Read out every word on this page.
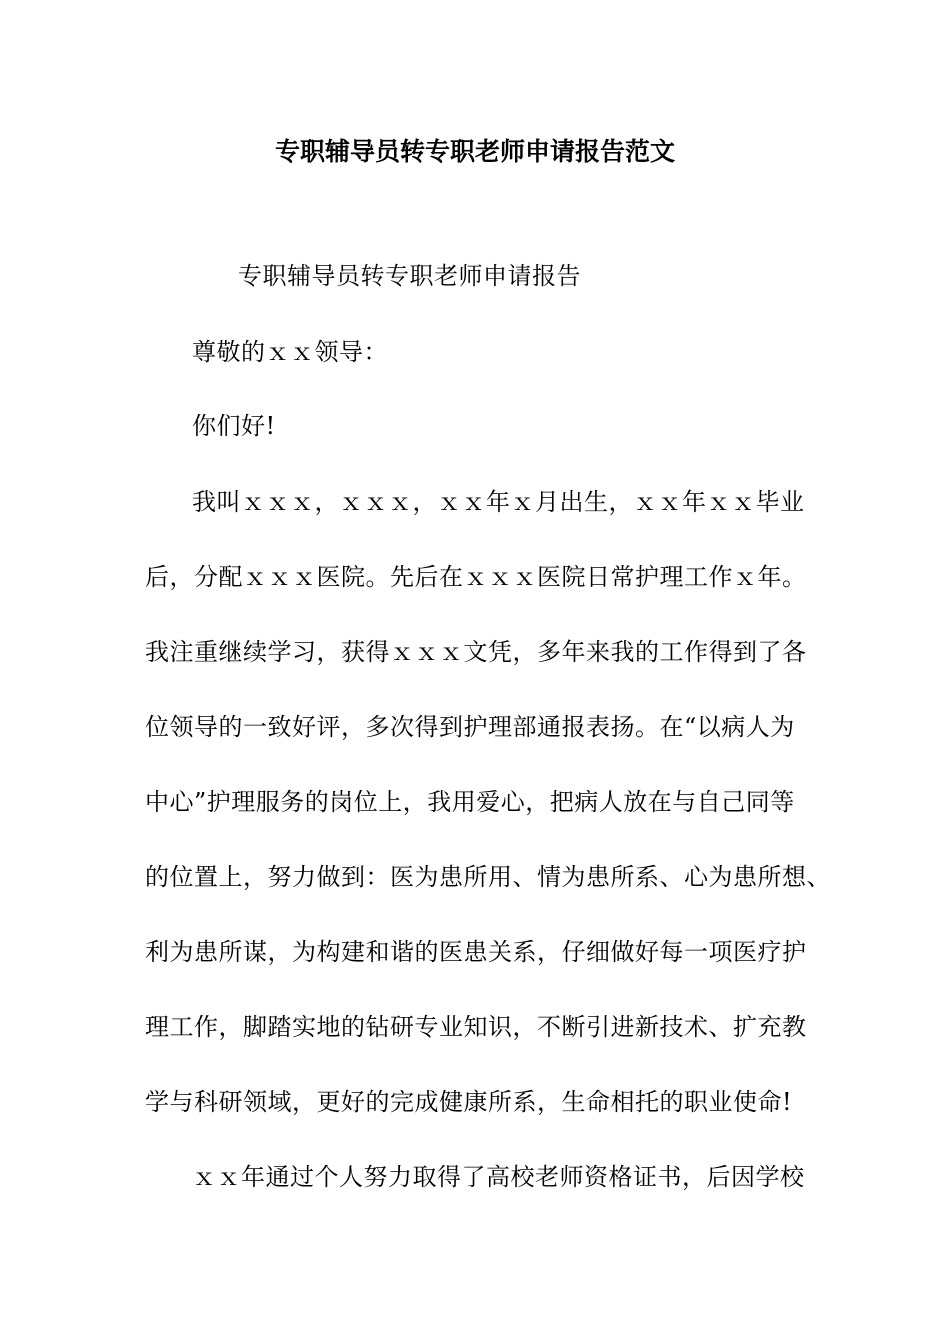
专职辅导员转专职老师申请报告范文
专职辅导员转专职老师申请报告
尊敬的ｘｘ领导：
你们好!
我叫ｘｘｘ，ｘｘｘ，ｘｘ年ｘ月出生，ｘｘ年ｘｘ毕业
后，分配ｘｘｘ医院。先后在ｘｘｘ医院日常护理工作ｘ年。
我注重继续学习，获得ｘｘｘ文凭，多年来我的工作得到了各
位领导的一致好评，多次得到护理部通报表扬。在“以病人为
中心”护理服务的岗位上，我用爱心，把病人放在与自己同等
的位置上，努力做到：医为患所用、情为患所系、心为患所想、
利为患所谋，为构建和谐的医患关系，仔细做好每一项医疗护
理工作，脚踏实地的钻研专业知识，不断引进新技术、扩充教
学与科研领域，更好的完成健康所系，生命相托的职业使命!
ｘｘ年通过个人努力取得了高校老师资格证书，后因学校
